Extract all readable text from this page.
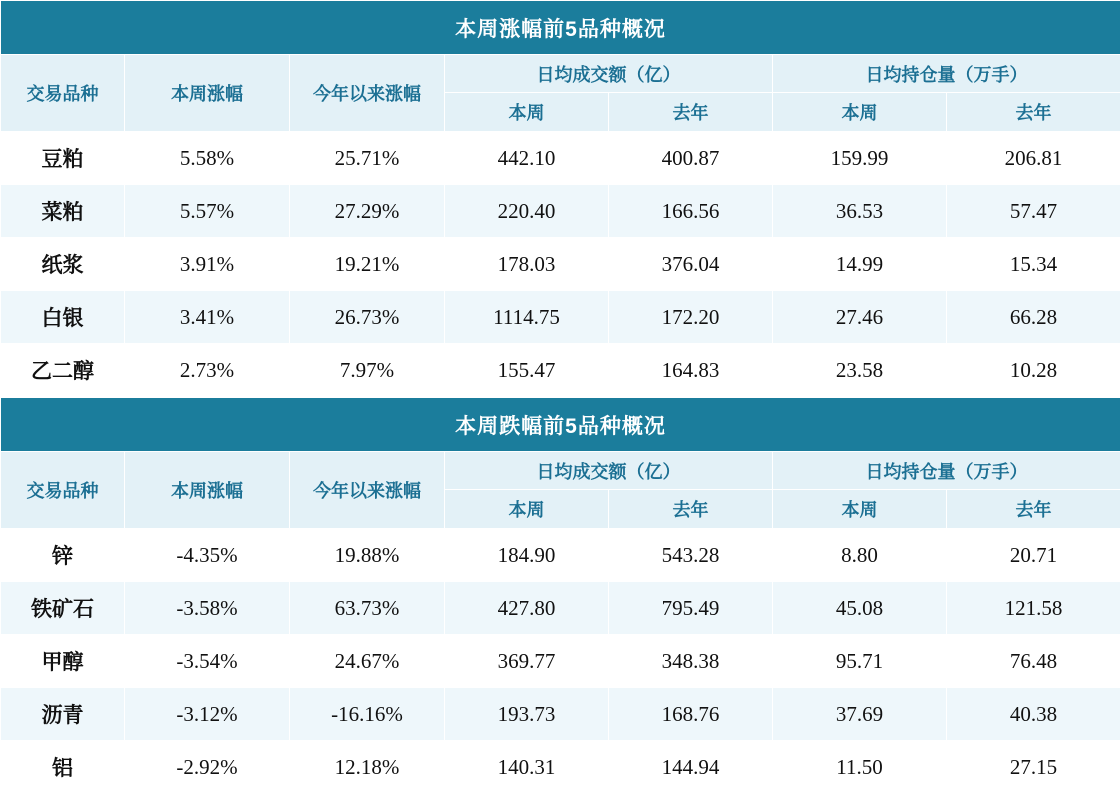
本周涨幅前5品种概况						
交易品种	本周涨幅	今年以来涨幅	日均成交额（亿）		日均持仓量（万手）	
			本周	去年	本周	去年
豆粕	5.58%	25.71%	442.10	400.87	159.99	206.81
菜粕	5.57%	27.29%	220.40	166.56	36.53	57.47
纸浆	3.91%	19.21%	178.03	376.04	14.99	15.34
白银	3.41%	26.73%	1114.75	172.20	27.46	66.28
乙二醇	2.73%	7.97%	155.47	164.83	23.58	10.28
本周跌幅前5品种概况						
交易品种	本周涨幅	今年以来涨幅	日均成交额（亿）		日均持仓量（万手）	
			本周	去年	本周	去年
锌	-4.35%	19.88%	184.90	543.28	8.80	20.71
铁矿石	-3.58%	63.73%	427.80	795.49	45.08	121.58
甲醇	-3.54%	24.67%	369.77	348.38	95.71	76.48
沥青	-3.12%	-16.16%	193.73	168.76	37.69	40.38
铝	-2.92%	12.18%	140.31	144.94	11.50	27.15
